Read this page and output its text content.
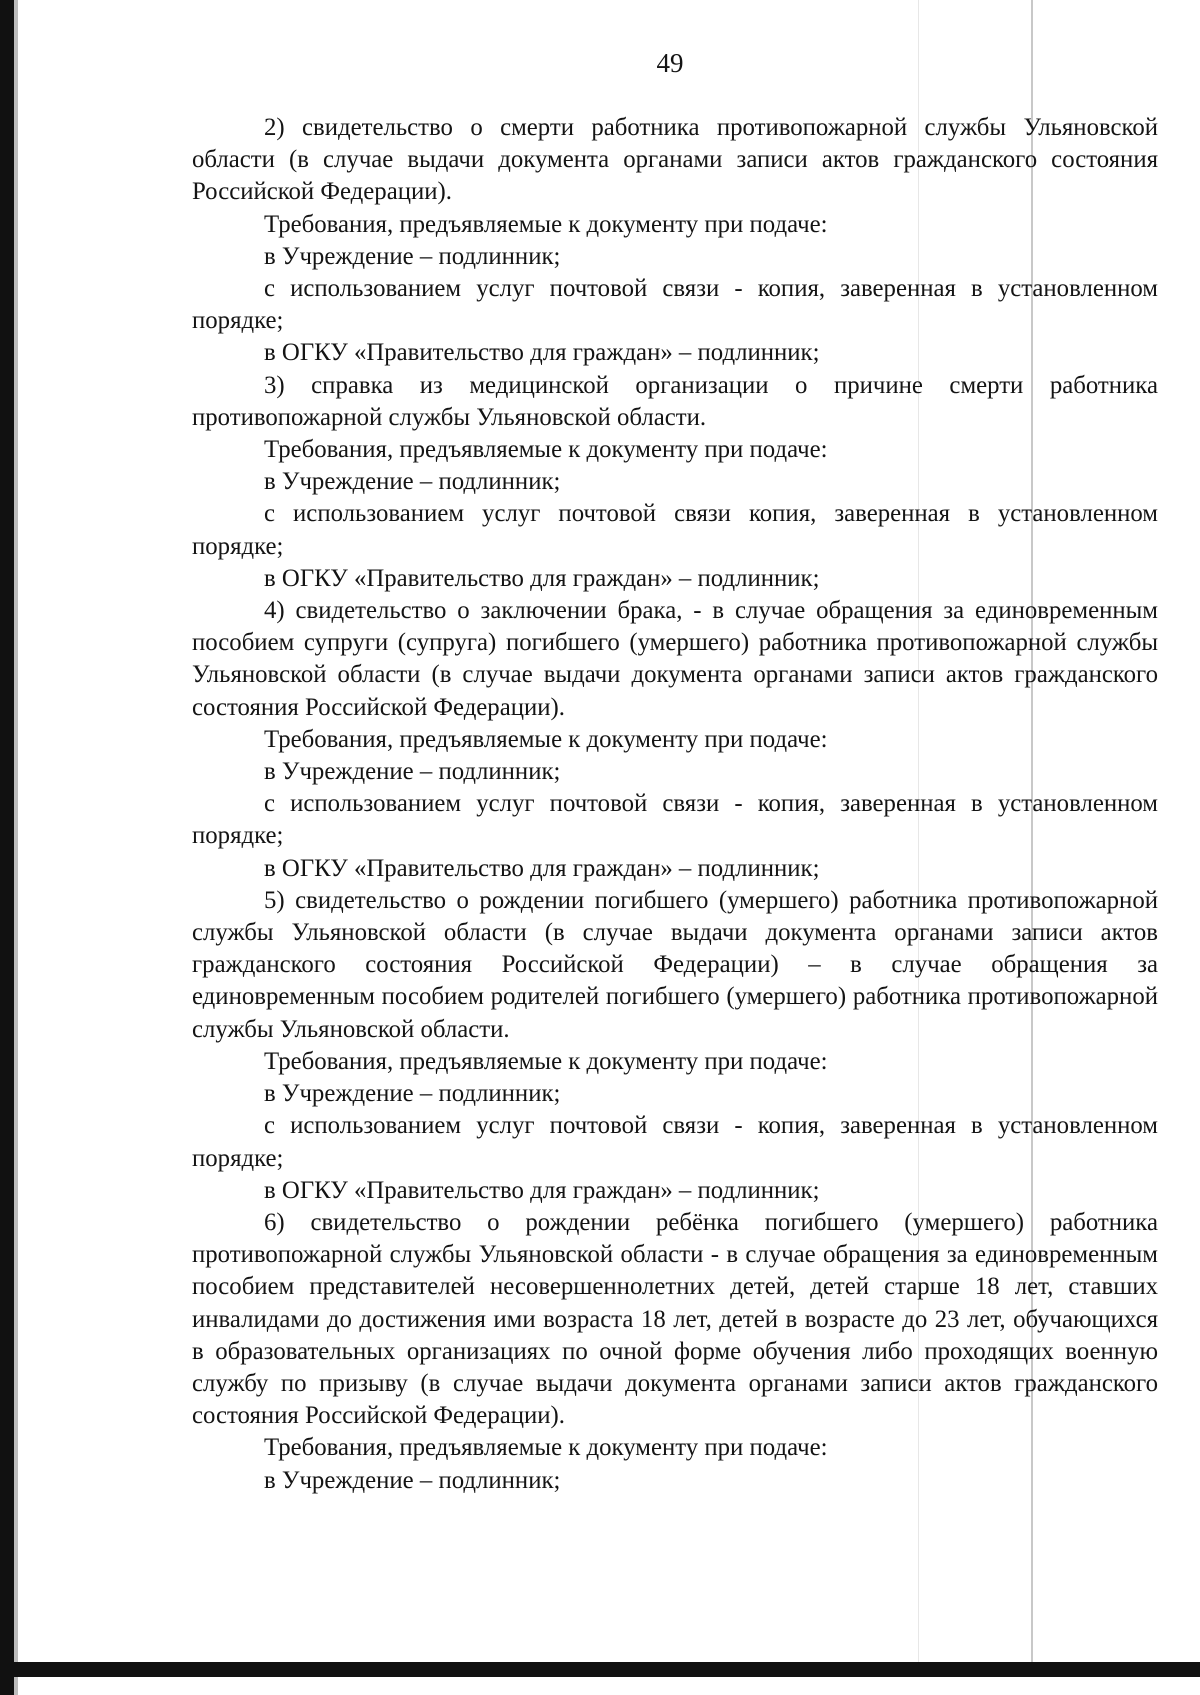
49

2) свидетельство о смерти работника противопожарной службы Ульяновской области (в случае выдачи документа органами записи актов гражданского состояния Российской Федерации).

Требования, предъявляемые к документу при подаче:

в Учреждение – подлинник;

с использованием услуг почтовой связи - копия, заверенная в установленном порядке;

в ОГКУ «Правительство для граждан» – подлинник;

3) справка из медицинской организации о причине смерти работника противопожарной службы Ульяновской области.

Требования, предъявляемые к документу при подаче:

в Учреждение – подлинник;

с использованием услуг почтовой связи копия, заверенная в установленном порядке;

в ОГКУ «Правительство для граждан» – подлинник;

4) свидетельство о заключении брака, - в случае обращения за единовременным пособием супруги (супруга) погибшего (умершего) работника противопожарной службы Ульяновской области (в случае выдачи документа органами записи актов гражданского состояния Российской Федерации).

Требования, предъявляемые к документу при подаче:

в Учреждение – подлинник;

с использованием услуг почтовой связи - копия, заверенная в установленном порядке;

в ОГКУ «Правительство для граждан» – подлинник;

5) свидетельство о рождении погибшего (умершего) работника противопожарной службы Ульяновской области (в случае выдачи документа органами записи актов гражданского состояния Российской Федерации) – в случае обращения за единовременным пособием родителей погибшего (умершего) работника противопожарной службы Ульяновской области.

Требования, предъявляемые к документу при подаче:

в Учреждение – подлинник;

с использованием услуг почтовой связи - копия, заверенная в установленном порядке;

в ОГКУ «Правительство для граждан» – подлинник;

6) свидетельство о рождении ребёнка погибшего (умершего) работника противопожарной службы Ульяновской области - в случае обращения за единовременным пособием представителей несовершеннолетних детей, детей старше 18 лет, ставших инвалидами до достижения ими возраста 18 лет, детей в возрасте до 23 лет, обучающихся в образовательных организациях по очной форме обучения либо проходящих военную службу по призыву (в случае выдачи документа органами записи актов гражданского состояния Российской Федерации).

Требования, предъявляемые к документу при подаче:

в Учреждение – подлинник;
